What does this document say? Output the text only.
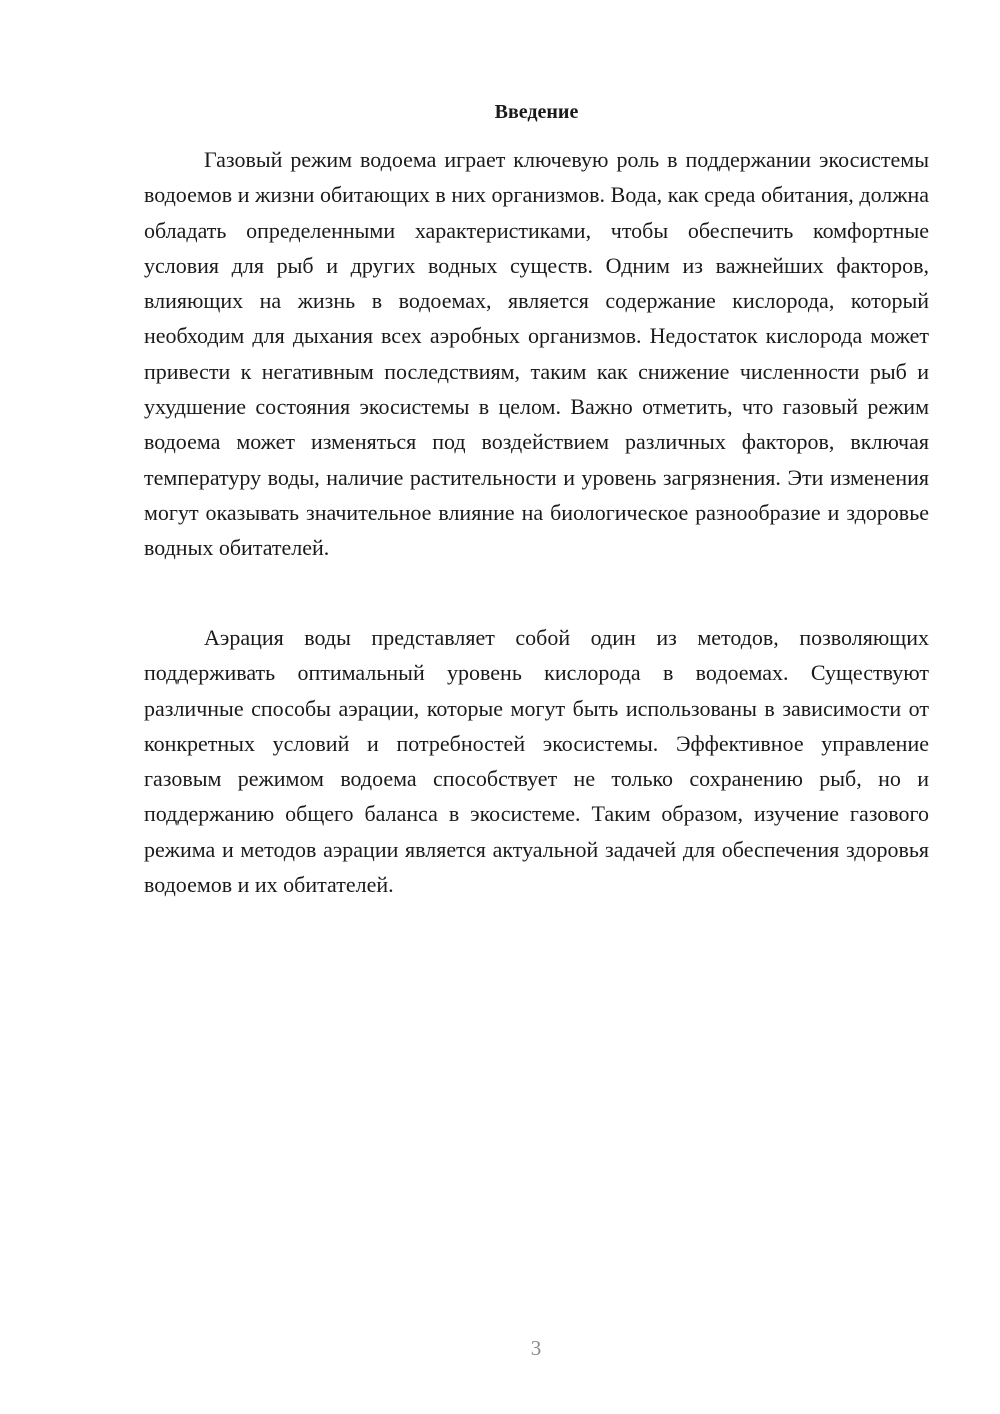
Введение

Газовый режим водоема играет ключевую роль в поддержании экосистемы водоемов и жизни обитающих в них организмов. Вода, как среда обитания, должна обладать определенными характеристиками, чтобы обеспечить комфортные условия для рыб и других водных существ. Одним из важнейших факторов, влияющих на жизнь в водоемах, является содержание кислорода, который необходим для дыхания всех аэробных организмов. Недостаток кислорода может привести к негативным последствиям, таким как снижение численности рыб и ухудшение состояния экосистемы в целом. Важно отметить, что газовый режим водоема может изменяться под воздействием различных факторов, включая температуру воды, наличие растительности и уровень загрязнения. Эти изменения могут оказывать значительное влияние на биологическое разнообразие и здоровье водных обитателей.

Аэрация воды представляет собой один из методов, позволяющих поддерживать оптимальный уровень кислорода в водоемах. Существуют различные способы аэрации, которые могут быть использованы в зависимости от конкретных условий и потребностей экосистемы. Эффективное управление газовым режимом водоема способствует не только сохранению рыб, но и поддержанию общего баланса в экосистеме. Таким образом, изучение газового режима и методов аэрации является актуальной задачей для обеспечения здоровья водоемов и их обитателей.

3
